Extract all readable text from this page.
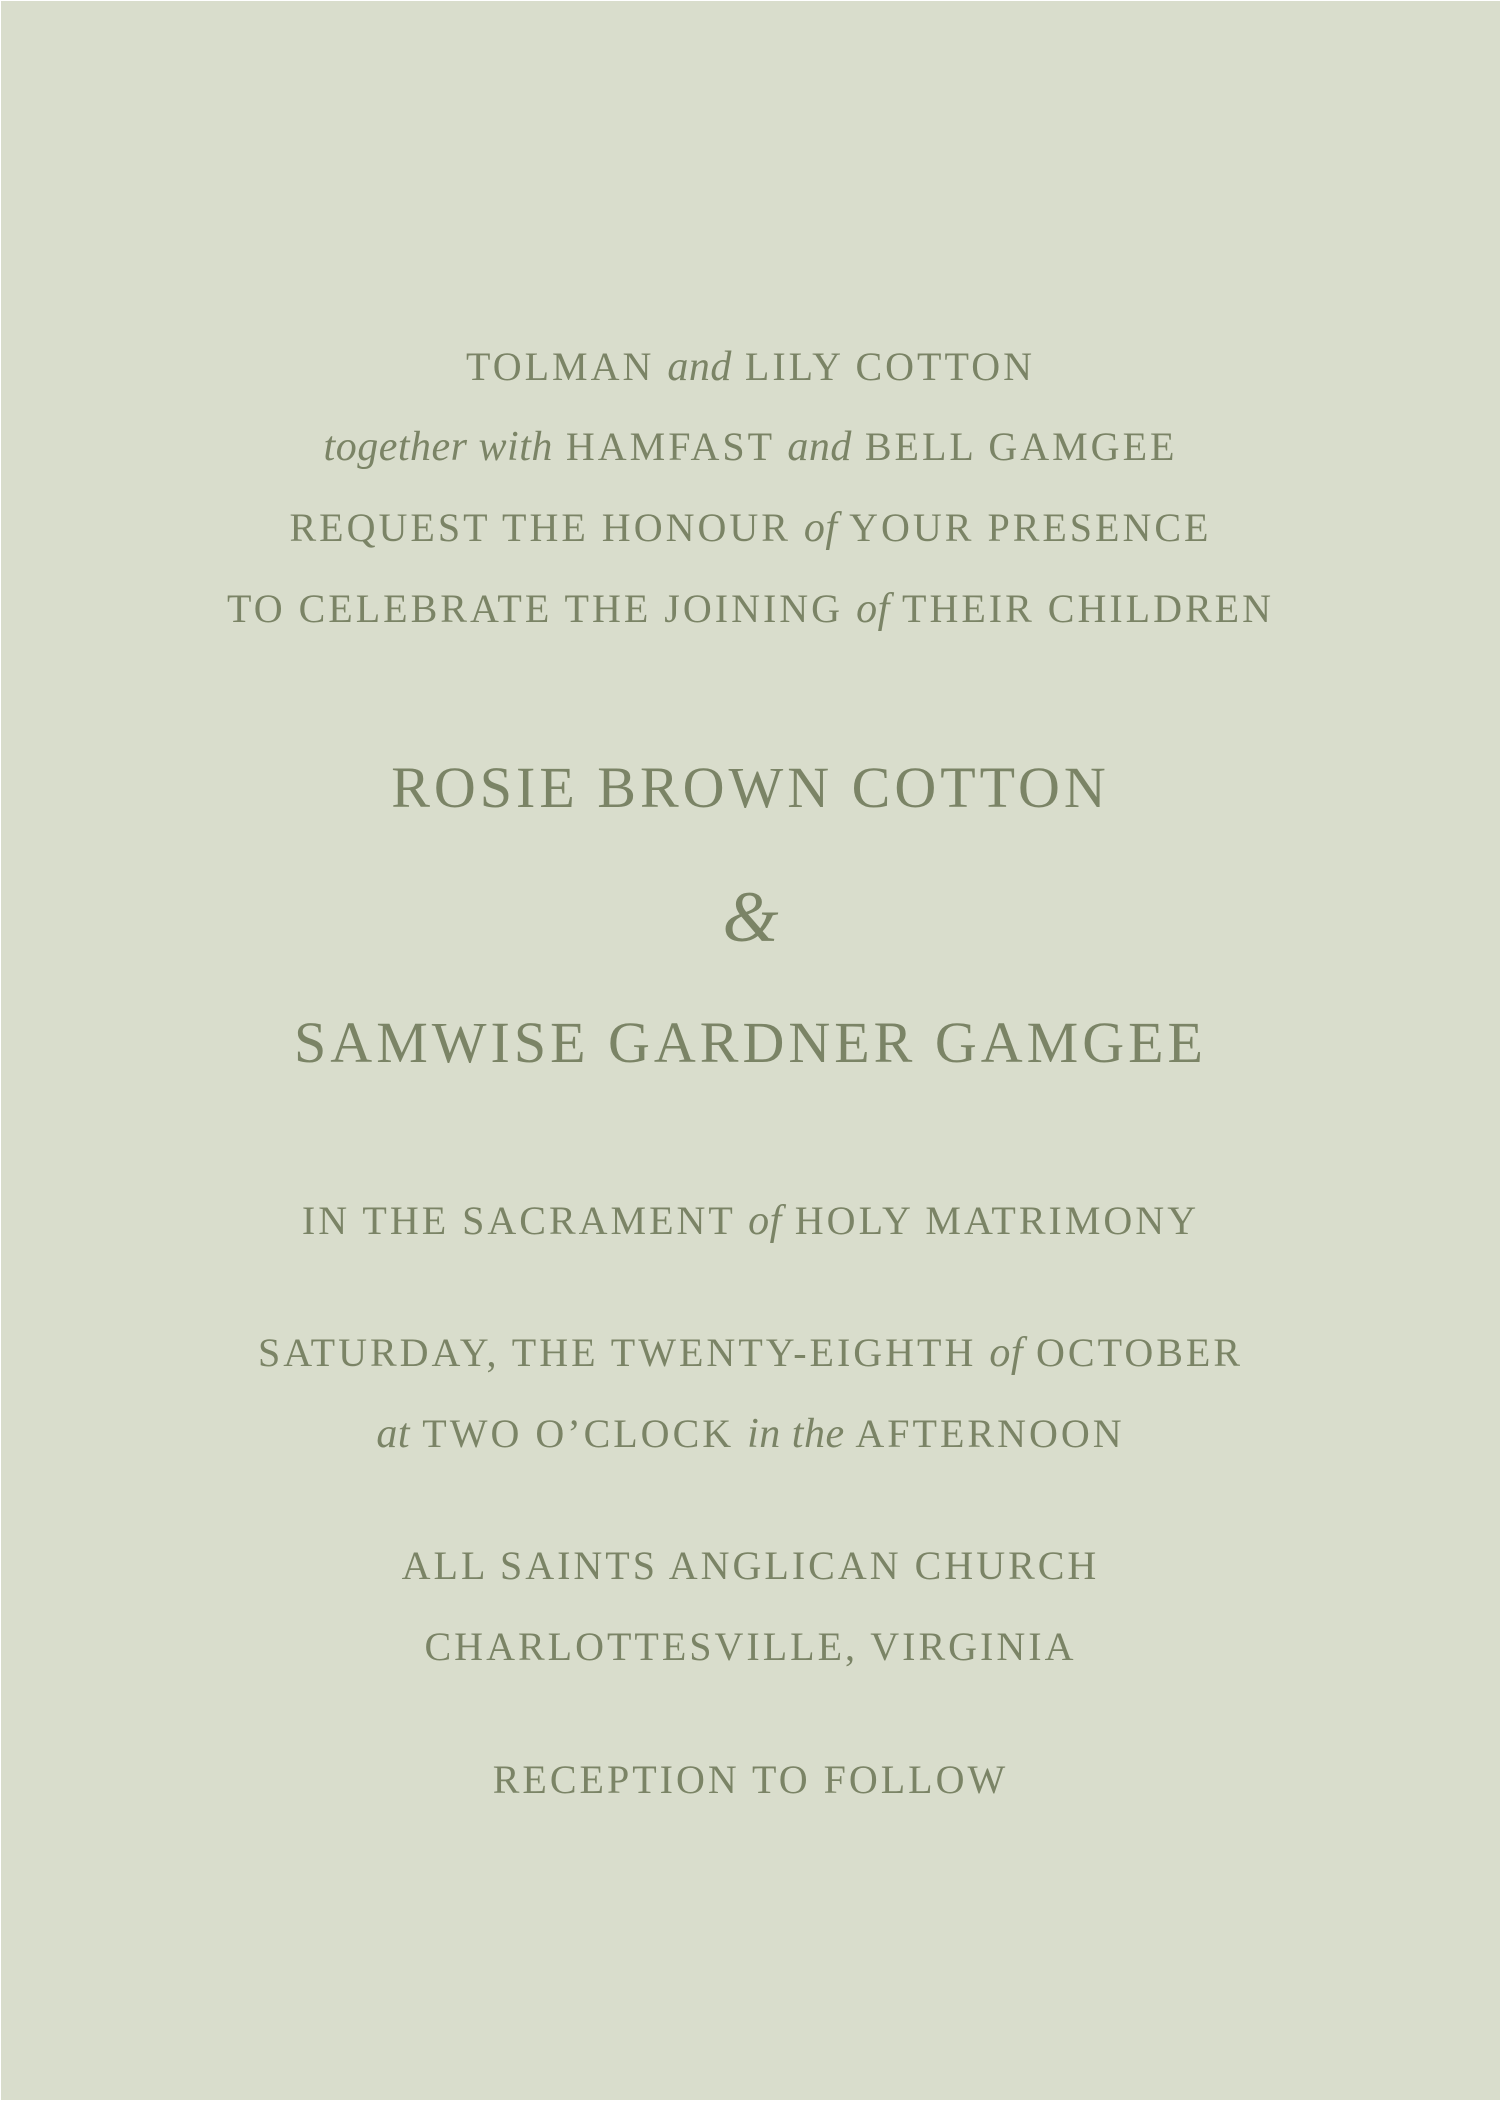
TOLMAN and LILY COTTON
together with HAMFAST and BELL GAMGEE
REQUEST THE HONOUR of YOUR PRESENCE
TO CELEBRATE THE JOINING of THEIR CHILDREN
ROSIE BROWN COTTON
&
SAMWISE GARDNER GAMGEE
IN THE SACRAMENT of HOLY MATRIMONY
SATURDAY, THE TWENTY-EIGHTH of OCTOBER
at TWO O’CLOCK in the AFTERNOON
ALL SAINTS ANGLICAN CHURCH
CHARLOTTESVILLE, VIRGINIA
RECEPTION TO FOLLOW
